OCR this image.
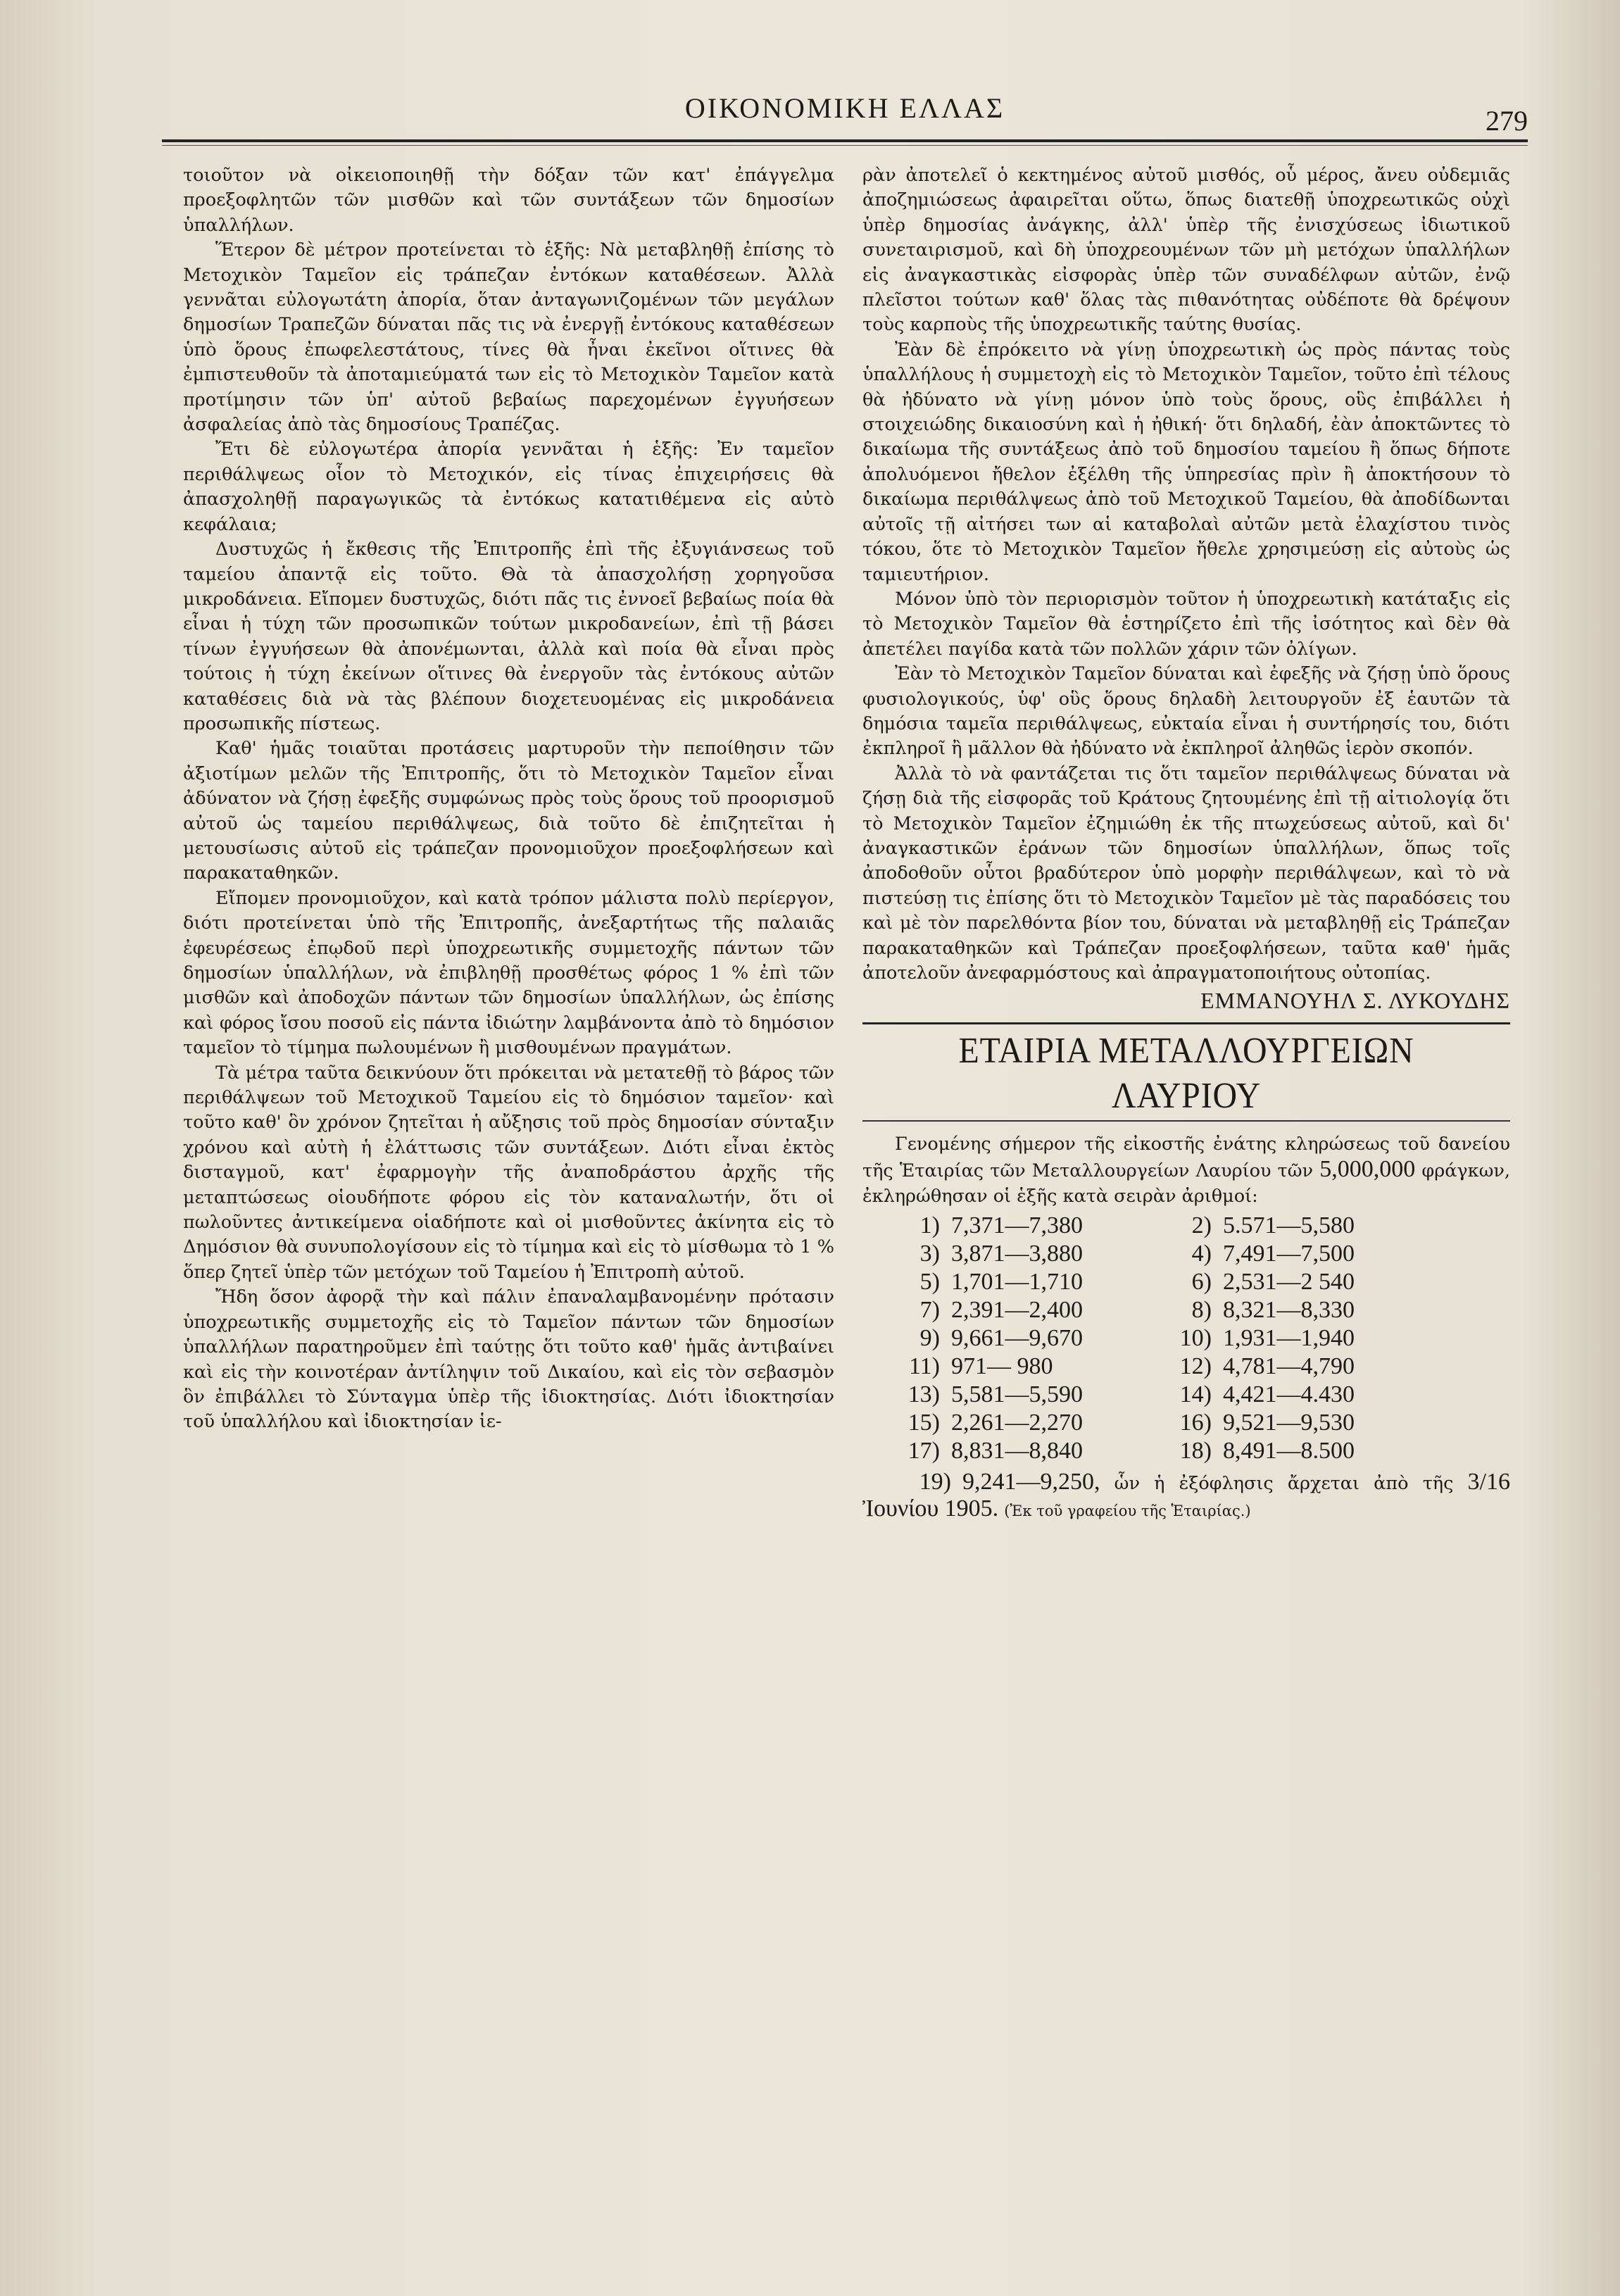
ΟΙΚΟΝΟΜΙΚΗ ΕΛΛΑΣ	279

τοιοῦτον νὰ οἰκειοποιηθῇ τὴν δόξαν τῶν κατ' ἐπάγγελμα προεξοφλητῶν τῶν μισθῶν καὶ τῶν συντάξεων τῶν δημοσίων ὑπαλλήλων.

Ἕτερον δὲ μέτρον προτείνεται τὸ ἑξῆς: Νὰ μεταβληθῇ ἐπίσης τὸ Μετοχικὸν Ταμεῖον εἰς τράπεζαν ἐντόκων καταθέσεων. Ἀλλὰ γεννᾶται εὐλογωτάτη ἀπορία, ὅταν ἀνταγωνιζομένων τῶν μεγάλων δημοσίων Τραπεζῶν δύναται πᾶς τις νὰ ἐνεργῇ ἐντόκους καταθέσεων ὑπὸ ὅρους ἐπωφελεστάτους, τίνες θὰ ἦναι ἐκεῖνοι οἵτινες θὰ ἐμπιστευθοῦν τὰ ἀποταμιεύματά των εἰς τὸ Μετοχικὸν Ταμεῖον κατὰ προτίμησιν τῶν ὑπ' αὐτοῦ βεβαίως παρεχομένων ἐγγυήσεων ἀσφαλείας ἀπὸ τὰς δημοσίους Τραπέζας.

Ἔτι δὲ εὐλογωτέρα ἀπορία γεννᾶται ἡ ἑξῆς: Ἐν ταμεῖον περιθάλψεως οἷον τὸ Μετοχικόν, εἰς τίνας ἐπιχειρήσεις θὰ ἀπασχοληθῇ παραγωγικῶς τὰ ἐντόκως κατατιθέμενα εἰς αὐτὸ κεφάλαια;

Δυστυχῶς ἡ ἔκθεσις τῆς Ἐπιτροπῆς ἐπὶ τῆς ἐξυγιάνσεως τοῦ ταμείου ἀπαντᾷ εἰς τοῦτο. Θὰ τὰ ἀπασχολήσῃ χορηγοῦσα μικροδάνεια. Εἴπομεν δυστυχῶς, διότι πᾶς τις ἐννοεῖ βεβαίως ποία θὰ εἶναι ἡ τύχη τῶν προσωπικῶν τούτων μικροδανείων, ἐπὶ τῇ βάσει τίνων ἐγγυήσεων θὰ ἀπονέμωνται, ἀλλὰ καὶ ποία θὰ εἶναι πρὸς τούτοις ἡ τύχη ἐκείνων οἵτινες θὰ ἐνεργοῦν τὰς ἐντόκους αὐτῶν καταθέσεις διὰ νὰ τὰς βλέπουν διοχετευομένας εἰς μικροδάνεια προσωπικῆς πίστεως.

Καθ' ἡμᾶς τοιαῦται προτάσεις μαρτυροῦν τὴν πεποίθησιν τῶν ἀξιοτίμων μελῶν τῆς Ἐπιτροπῆς, ὅτι τὸ Μετοχικὸν Ταμεῖον εἶναι ἀδύνατον νὰ ζήσῃ ἐφεξῆς συμφώνως πρὸς τοὺς ὅρους τοῦ προορισμοῦ αὐτοῦ ὡς ταμείου περιθάλψεως, διὰ τοῦτο δὲ ἐπιζητεῖται ἡ μετουσίωσις αὐτοῦ εἰς τράπεζαν προνομιοῦχον προεξοφλήσεων καὶ παρακαταθηκῶν.

Εἴπομεν προνομιοῦχον, καὶ κατὰ τρόπον μάλιστα πολὺ περίεργον, διότι προτείνεται ὑπὸ τῆς Ἐπιτροπῆς, ἀνεξαρτήτως τῆς παλαιᾶς ἐφευρέσεως ἐπῳδοῦ περὶ ὑποχρεωτικῆς συμμετοχῆς πάντων τῶν δημοσίων ὑπαλλήλων, νὰ ἐπιβληθῇ προσθέτως φόρος 1 % ἐπὶ τῶν μισθῶν καὶ ἀποδοχῶν πάντων τῶν δημοσίων ὑπαλλήλων, ὡς ἐπίσης καὶ φόρος ἴσου ποσοῦ εἰς πάντα ἰδιώτην λαμβάνοντα ἀπὸ τὸ δημόσιον ταμεῖον τὸ τίμημα πωλουμένων ἢ μισθουμένων πραγμάτων.

Τὰ μέτρα ταῦτα δεικνύουν ὅτι πρόκειται νὰ μετατεθῇ τὸ βάρος τῶν περιθάλψεων τοῦ Μετοχικοῦ Ταμείου εἰς τὸ δημόσιον ταμεῖον· καὶ τοῦτο καθ' ὃν χρόνον ζητεῖται ἡ αὔξησις τοῦ πρὸς δημοσίαν σύνταξιν χρόνου καὶ αὐτὴ ἡ ἐλάττωσις τῶν συντάξεων. Διότι εἶναι ἐκτὸς δισταγμοῦ, κατ' ἐφαρμογὴν τῆς ἀναποδράστου ἀρχῆς τῆς μεταπτώσεως οἱουδήποτε φόρου εἰς τὸν καταναλωτήν, ὅτι οἱ πωλοῦντες ἀντικείμενα οἱαδήποτε καὶ οἱ μισθοῦντες ἀκίνητα εἰς τὸ Δημόσιον θὰ συνυπολογίσουν εἰς τὸ τίμημα καὶ εἰς τὸ μίσθωμα τὸ 1 % ὅπερ ζητεῖ ὑπὲρ τῶν μετόχων τοῦ Ταμείου ἡ Ἐπιτροπὴ αὐτοῦ.

Ἤδη ὅσον ἀφορᾷ τὴν καὶ πάλιν ἐπαναλαμβανομένην πρότασιν ὑποχρεωτικῆς συμμετοχῆς εἰς τὸ Ταμεῖον πάντων τῶν δημοσίων ὑπαλλήλων παρατηροῦμεν ἐπὶ ταύτῃς ὅτι τοῦτο καθ' ἡμᾶς ἀντιβαίνει καὶ εἰς τὴν κοινοτέραν ἀντίληψιν τοῦ Δικαίου, καὶ εἰς τὸν σεβασμὸν ὃν ἐπιβάλλει τὸ Σύνταγμα ὑπὲρ τῆς ἰδιοκτησίας. Διότι ἰδιοκτησίαν τοῦ ὑπαλλήλου καὶ ἰδιοκτησίαν ἱε-

ρὰν ἀποτελεῖ ὁ κεκτημένος αὐτοῦ μισθός, οὗ μέρος, ἄνευ οὐδεμιᾶς ἀποζημιώσεως ἀφαιρεῖται οὕτω, ὅπως διατεθῇ ὑποχρεωτικῶς οὐχὶ ὑπὲρ δημοσίας ἀνάγκης, ἀλλ' ὑπὲρ τῆς ἐνισχύσεως ἰδιωτικοῦ συνεταιρισμοῦ, καὶ δὴ ὑποχρεουμένων τῶν μὴ μετόχων ὑπαλλήλων εἰς ἀναγκαστικὰς εἰσφορὰς ὑπὲρ τῶν συναδέλφων αὐτῶν, ἐνῷ πλεῖστοι τούτων καθ' ὅλας τὰς πιθανότητας οὐδέποτε θὰ δρέψουν τοὺς καρποὺς τῆς ὑποχρεωτικῆς ταύτης θυσίας.

Ἐὰν δὲ ἐπρόκειτο νὰ γίνῃ ὑποχρεωτικὴ ὡς πρὸς πάντας τοὺς ὑπαλλήλους ἡ συμμετοχὴ εἰς τὸ Μετοχικὸν Ταμεῖον, τοῦτο ἐπὶ τέλους θὰ ἠδύνατο νὰ γίνῃ μόνον ὑπὸ τοὺς ὅρους, οὓς ἐπιβάλλει ἡ στοιχειώδης δικαιοσύνη καὶ ἡ ἠθική· ὅτι δηλαδή, ἐὰν ἀποκτῶντες τὸ δικαίωμα τῆς συντάξεως ἀπὸ τοῦ δημοσίου ταμείου ἢ ὅπως δήποτε ἀπολυόμενοι ἤθελον ἐξέλθη τῆς ὑπηρεσίας πρὶν ἢ ἀποκτήσουν τὸ δικαίωμα περιθάλψεως ἀπὸ τοῦ Μετοχικοῦ Ταμείου, θὰ ἀποδίδωνται αὐτοῖς τῇ αἰτήσει των αἱ καταβολαὶ αὐτῶν μετὰ ἐλαχίστου τινὸς τόκου, ὅτε τὸ Μετοχικὸν Ταμεῖον ἤθελε χρησιμεύσῃ εἰς αὐτοὺς ὡς ταμιευτήριον.

Μόνον ὑπὸ τὸν περιορισμὸν τοῦτον ἡ ὑποχρεωτικὴ κατάταξις εἰς τὸ Μετοχικὸν Ταμεῖον θὰ ἐστηρίζετο ἐπὶ τῆς ἰσότητος καὶ δὲν θὰ ἀπετέλει παγίδα κατὰ τῶν πολλῶν χάριν τῶν ὀλίγων.

Ἐὰν τὸ Μετοχικὸν Ταμεῖον δύναται καὶ ἐφεξῆς νὰ ζήσῃ ὑπὸ ὅρους φυσιολογικούς, ὑφ' οὓς ὅρους δηλαδὴ λειτουργοῦν ἐξ ἑαυτῶν τὰ δημόσια ταμεῖα περιθάλψεως, εὐκταία εἶναι ἡ συντήρησίς του, διότι ἐκπληροῖ ἢ μᾶλλον θὰ ἠδύνατο νὰ ἐκπληροῖ ἀληθῶς ἱερὸν σκοπόν.

Ἀλλὰ τὸ νὰ φαντάζεται τις ὅτι ταμεῖον περιθάλψεως δύναται νὰ ζήσῃ διὰ τῆς εἰσφορᾶς τοῦ Κράτους ζητουμένης ἐπὶ τῇ αἰτιολογίᾳ ὅτι τὸ Μετοχικὸν Ταμεῖον ἐζημιώθη ἐκ τῆς πτωχεύσεως αὐτοῦ, καὶ δι' ἀναγκαστικῶν ἐράνων τῶν δημοσίων ὑπαλλήλων, ὅπως τοῖς ἀποδοθοῦν οὗτοι βραδύτερον ὑπὸ μορφὴν περιθάλψεων, καὶ τὸ νὰ πιστεύσῃ τις ἐπίσης ὅτι τὸ Μετοχικὸν Ταμεῖον μὲ τὰς παραδόσεις του καὶ μὲ τὸν παρελθόντα βίον του, δύναται νὰ μεταβληθῇ εἰς Τράπεζαν παρακαταθηκῶν καὶ Τράπεζαν προεξοφλήσεων, ταῦτα καθ' ἡμᾶς ἀποτελοῦν ἀνεφαρμόστους καὶ ἀπραγματοποιήτους οὐτοπίας.

ΕΜΜΑΝΟΥΗΛ Σ. ΛΥΚΟΥΔΗΣ

ΕΤΑΙΡΙΑ ΜΕΤΑΛΛΟΥΡΓΕΙΩΝ ΛΑΥΡΙΟΥ

Γενομένης σήμερον τῆς εἰκοστῆς ἐνάτης κληρώσεως τοῦ δανείου τῆς Ἑταιρίας τῶν Μεταλλουργείων Λαυρίου τῶν 5,000,000 φράγκων, ἐκληρώθησαν οἱ ἑξῆς κατὰ σειρὰν ἀριθμοί:

1)	7,371—7,380	2)	5.571—5,580
3)	3,871—3,880	4)	7,491—7,500
5)	1,701—1,710	6)	2,531—2 540
7)	2,391—2,400	8)	8,321—8,330
9)	9,661—9,670	10)	1,931—1,940
11)	971— 980	12)	4,781—4,790
13)	5,581—5,590	14)	4,421—4.430
15)	2,261—2,270	16)	9,521—9,530
17)	8,831—8,840	18)	8,491—8.500

19) 9,241—9,250, ὧν ἡ ἐξόφλησις ἄρχεται ἀπὸ τῆς 3/16 Ἰουνίου 1905. (Ἐκ τοῦ γραφείου τῆς Ἑταιρίας.)
